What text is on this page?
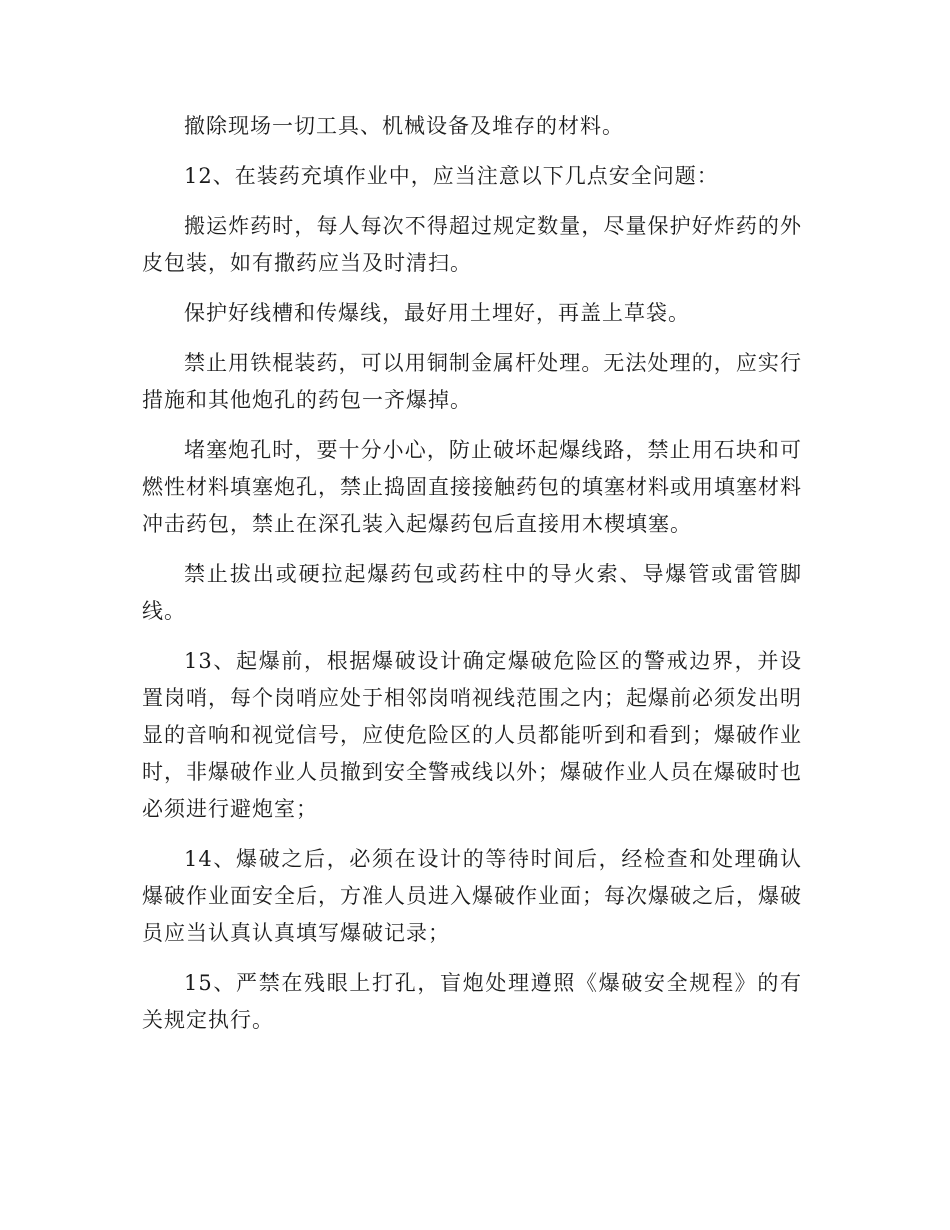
撤除现场一切工具、机械设备及堆存的材料。

12、在装药充填作业中，应当注意以下几点安全问题：

搬运炸药时，每人每次不得超过规定数量，尽量保护好炸药的外皮包装，如有撒药应当及时清扫。

保护好线槽和传爆线，最好用土埋好，再盖上草袋。

禁止用铁棍装药，可以用铜制金属杆处理。无法处理的，应实行措施和其他炮孔的药包一齐爆掉。

堵塞炮孔时，要十分小心，防止破坏起爆线路，禁止用石块和可燃性材料填塞炮孔，禁止捣固直接接触药包的填塞材料或用填塞材料冲击药包，禁止在深孔装入起爆药包后直接用木楔填塞。

禁止拔出或硬拉起爆药包或药柱中的导火索、导爆管或雷管脚线。

13、起爆前，根据爆破设计确定爆破危险区的警戒边界，并设置岗哨，每个岗哨应处于相邻岗哨视线范围之内；起爆前必须发出明显的音响和视觉信号，应使危险区的人员都能听到和看到；爆破作业时，非爆破作业人员撤到安全警戒线以外；爆破作业人员在爆破时也必须进行避炮室；

14、爆破之后，必须在设计的等待时间后，经检查和处理确认爆破作业面安全后，方准人员进入爆破作业面；每次爆破之后，爆破员应当认真认真填写爆破记录；

15、严禁在残眼上打孔，盲炮处理遵照《爆破安全规程》的有关规定执行。
